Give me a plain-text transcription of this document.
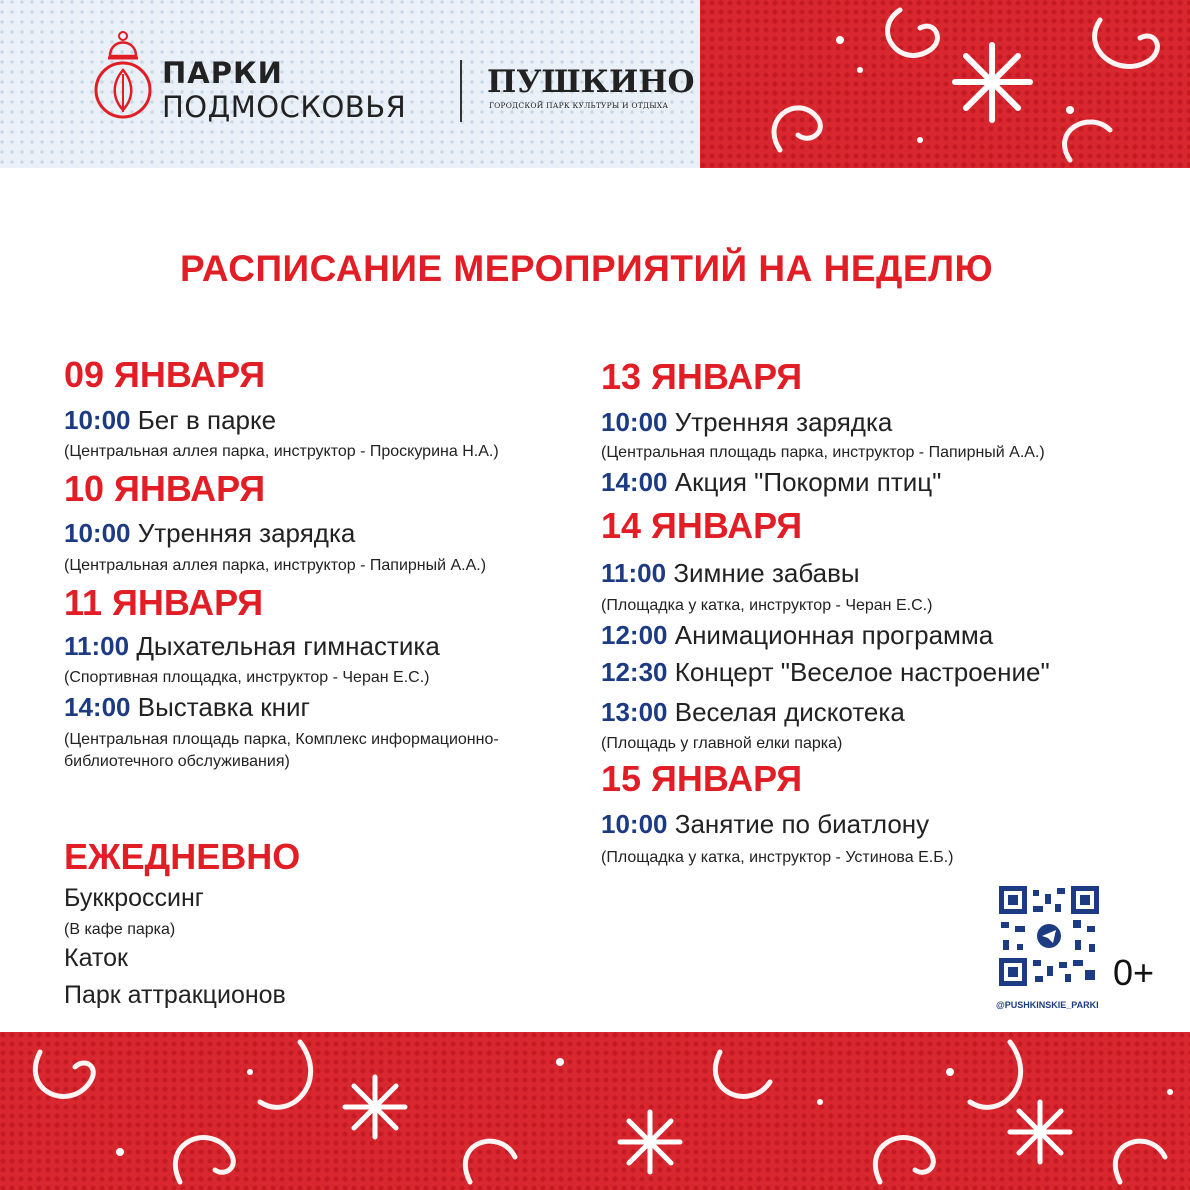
ПАРКИ
ПОДМОСКОВЬЯ
ПУШКИНО
ГОРОДСКОЙ ПАРК КУЛЬТУРЫ И ОТДЫХА
РАСПИСАНИЕ МЕРОПРИЯТИЙ НА НЕДЕЛЮ
09 ЯНВАРЯ
10:00 Бег в парке
(Центральная аллея парка, инструктор - Проскурина Н.А.)
10 ЯНВАРЯ
10:00 Утренняя зарядка
(Центральная аллея парка, инструктор - Папирный А.А.)
11 ЯНВАРЯ
11:00 Дыхательная гимнастика
(Спортивная площадка, инструктор - Черан Е.С.)
14:00 Выставка книг
(Центральная площадь парка, Комплекс информационно-
библиотечного обслуживания)
ЕЖЕДНЕВНО
Буккроссинг
(В кафе парка)
Каток
Парк аттракционов
13 ЯНВАРЯ
10:00 Утренняя зарядка
(Центральная площадь парка, инструктор - Папирный А.А.)
14:00 Акция "Покорми птиц"
14 ЯНВАРЯ
11:00 Зимние забавы
(Площадка у катка, инструктор - Черан Е.С.)
12:00 Анимационная программа
12:30 Концерт "Веселое настроение"
13:00 Веселая дискотека
(Площадь у главной елки парка)
15 ЯНВАРЯ
10:00 Занятие по биатлону
(Площадка у катка, инструктор - Устинова Е.Б.)
@PUSHKINSKIE_PARKI
0+
